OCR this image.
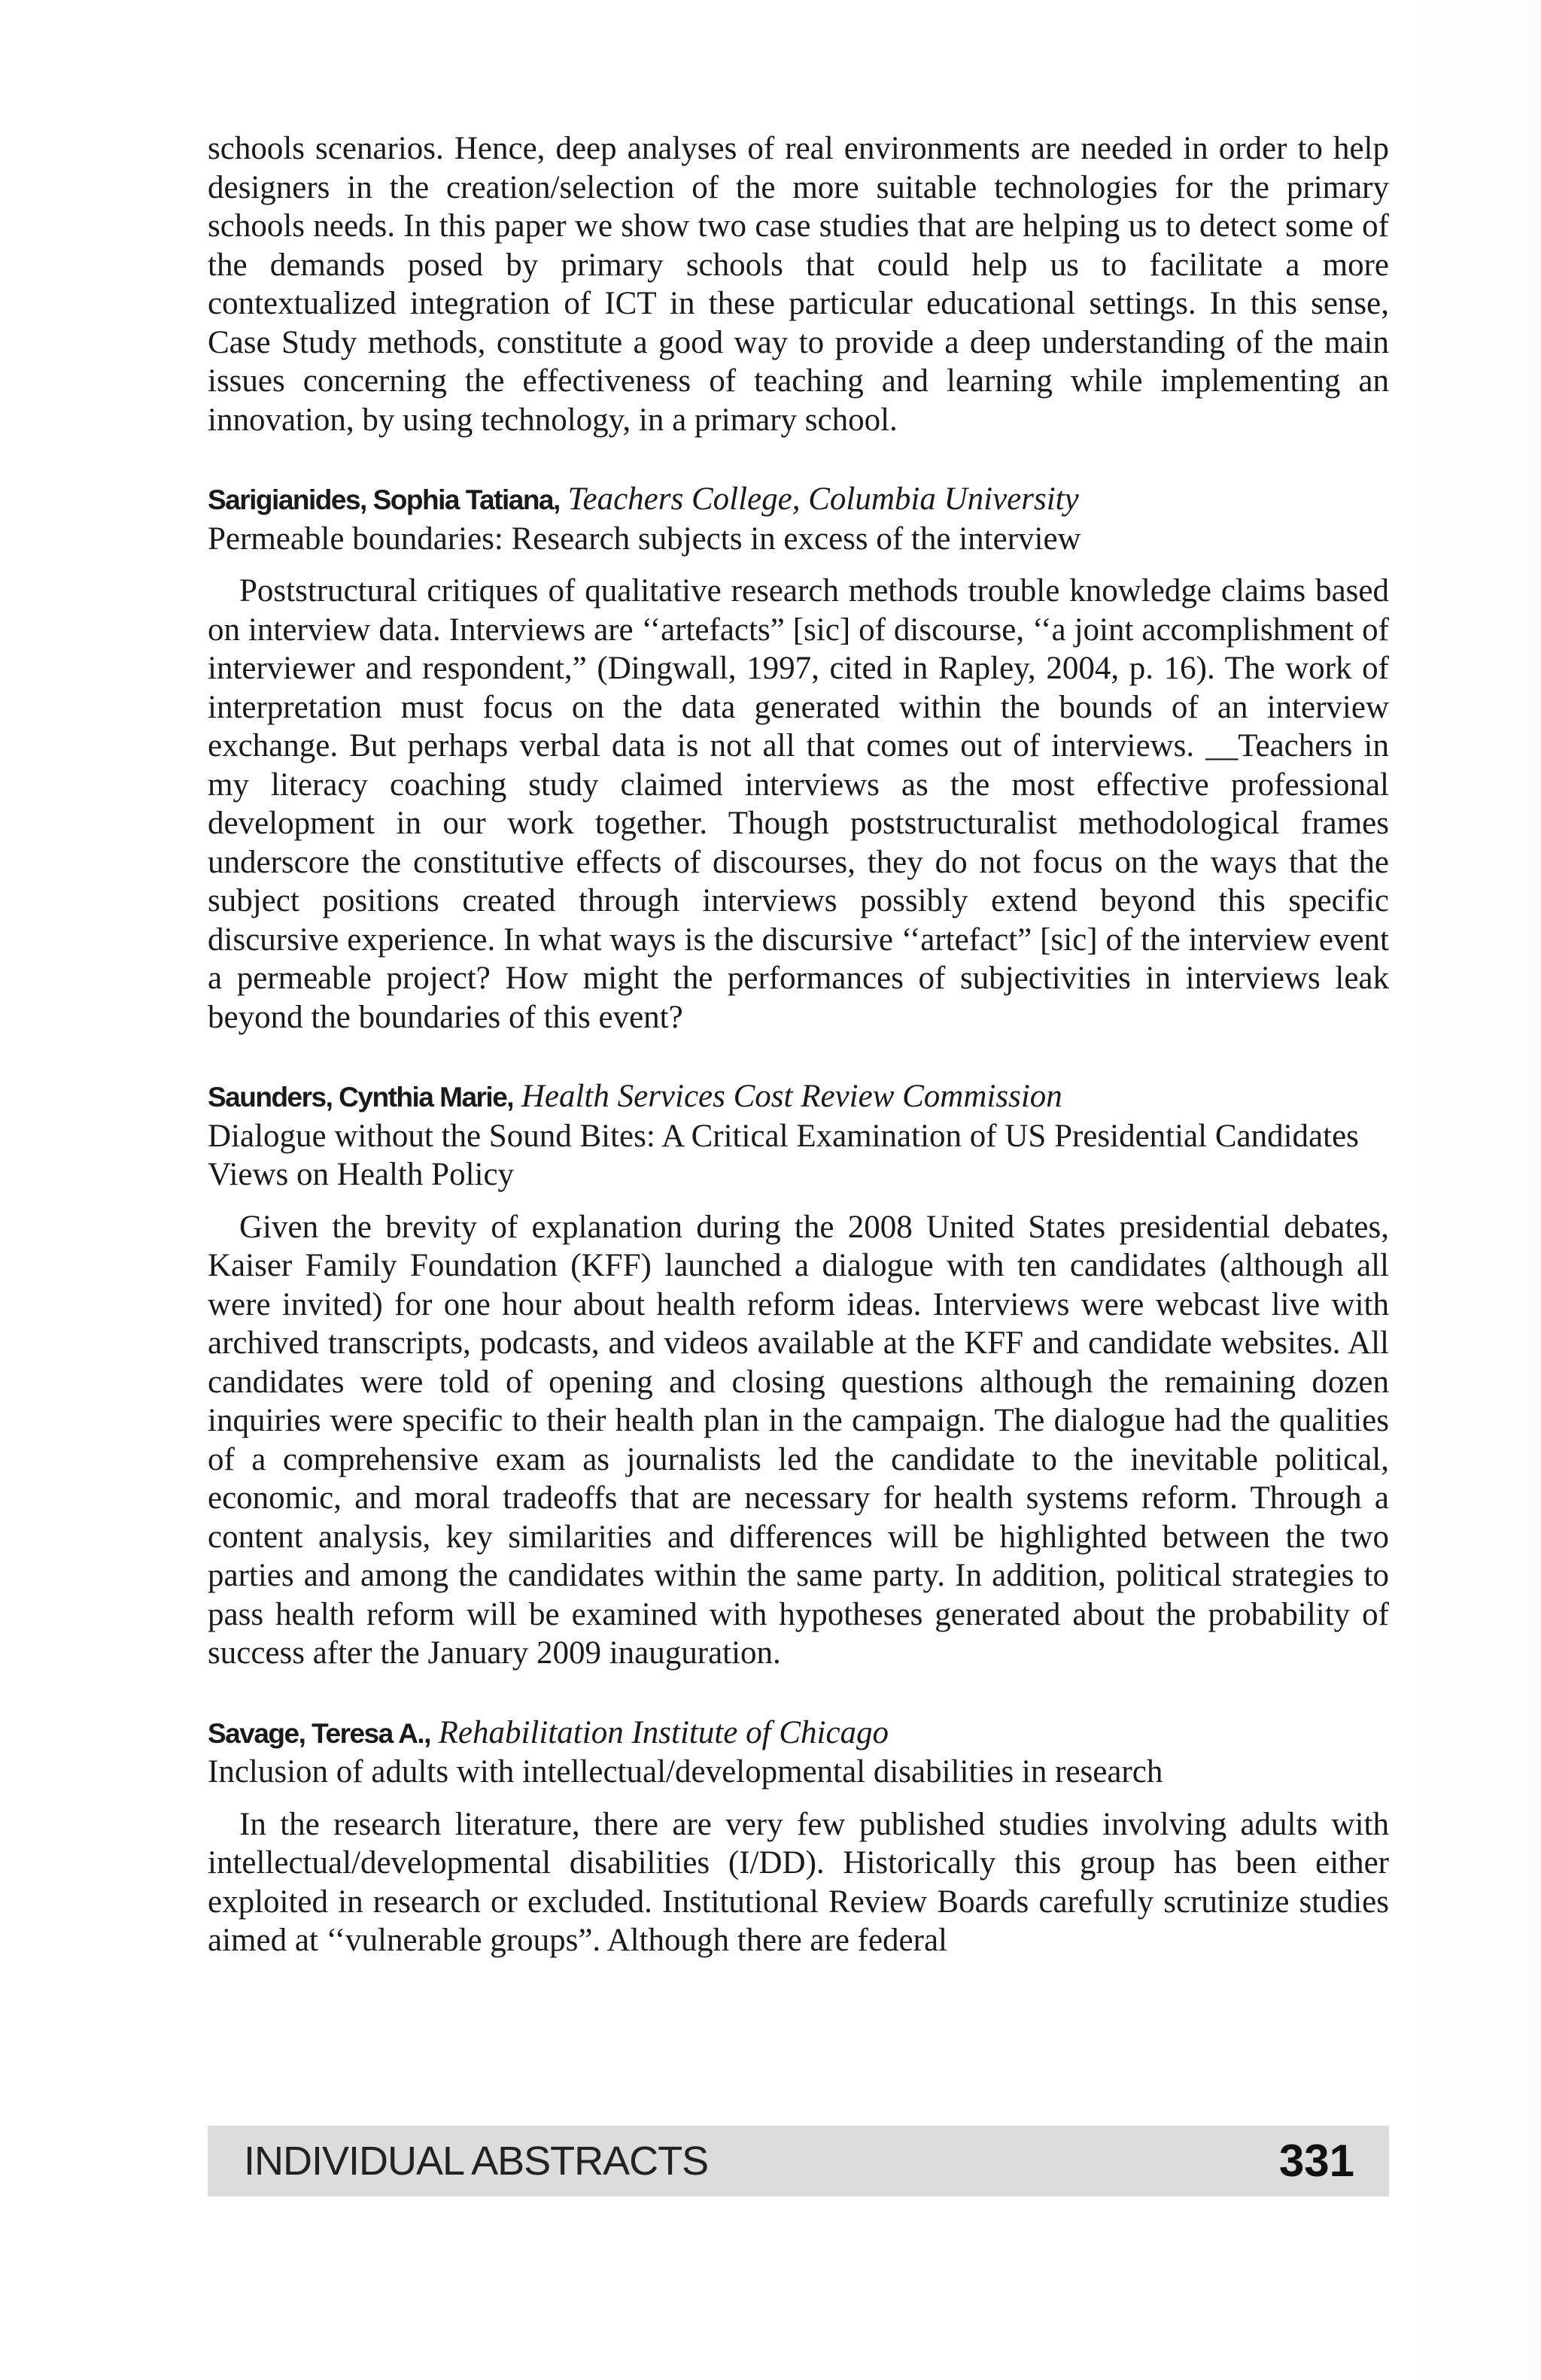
schools scenarios. Hence, deep analyses of real environments are needed in order to help designers in the creation/selection of the more suitable technologies for the primary schools needs. In this paper we show two case studies that are helping us to detect some of the demands posed by primary schools that could help us to facilitate a more contextualized integration of ICT in these particular educational settings. In this sense, Case Study methods, constitute a good way to provide a deep understanding of the main issues concerning the effectiveness of teaching and learning while implementing an innovation, by using technology, in a primary school.

Sarigianides, Sophia Tatiana, Teachers College, Columbia University

Permeable boundaries: Research subjects in excess of the interview

Poststructural critiques of qualitative research methods trouble knowledge claims based on interview data. Interviews are ‘‘artefacts” [sic] of discourse, ‘‘a joint accomplishment of interviewer and respondent,” (Dingwall, 1997, cited in Rapley, 2004, p. 16). The work of interpretation must focus on the data generated within the bounds of an interview exchange. But perhaps verbal data is not all that comes out of interviews. __Teachers in my literacy coaching study claimed interviews as the most effective professional development in our work together. Though poststructuralist methodological frames underscore the constitutive effects of discourses, they do not focus on the ways that the subject positions created through interviews possibly extend beyond this specific discursive experience. In what ways is the discursive ‘‘artefact” [sic] of the interview event a permeable project? How might the performances of subjectivities in interviews leak beyond the boundaries of this event?

Saunders, Cynthia Marie, Health Services Cost Review Commission

Dialogue without the Sound Bites: A Critical Examination of US Presidential Candidates Views on Health Policy

Given the brevity of explanation during the 2008 United States presidential debates, Kaiser Family Foundation (KFF) launched a dialogue with ten candidates (although all were invited) for one hour about health reform ideas. Interviews were webcast live with archived transcripts, podcasts, and videos available at the KFF and candidate websites. All candidates were told of opening and closing questions although the remaining dozen inquiries were specific to their health plan in the campaign. The dialogue had the qualities of a comprehensive exam as journalists led the candidate to the inevitable political, economic, and moral tradeoffs that are necessary for health systems reform. Through a content analysis, key similarities and differences will be highlighted between the two parties and among the candidates within the same party. In addition, political strategies to pass health reform will be examined with hypotheses generated about the probability of success after the January 2009 inauguration.

Savage, Teresa A., Rehabilitation Institute of Chicago

Inclusion of adults with intellectual/developmental disabilities in research

In the research literature, there are very few published studies involving adults with intellectual/developmental disabilities (I/DD). Historically this group has been either exploited in research or excluded. Institutional Review Boards carefully scrutinize studies aimed at ‘‘vulnerable groups”. Although there are federal

INDIVIDUAL ABSTRACTS	331
